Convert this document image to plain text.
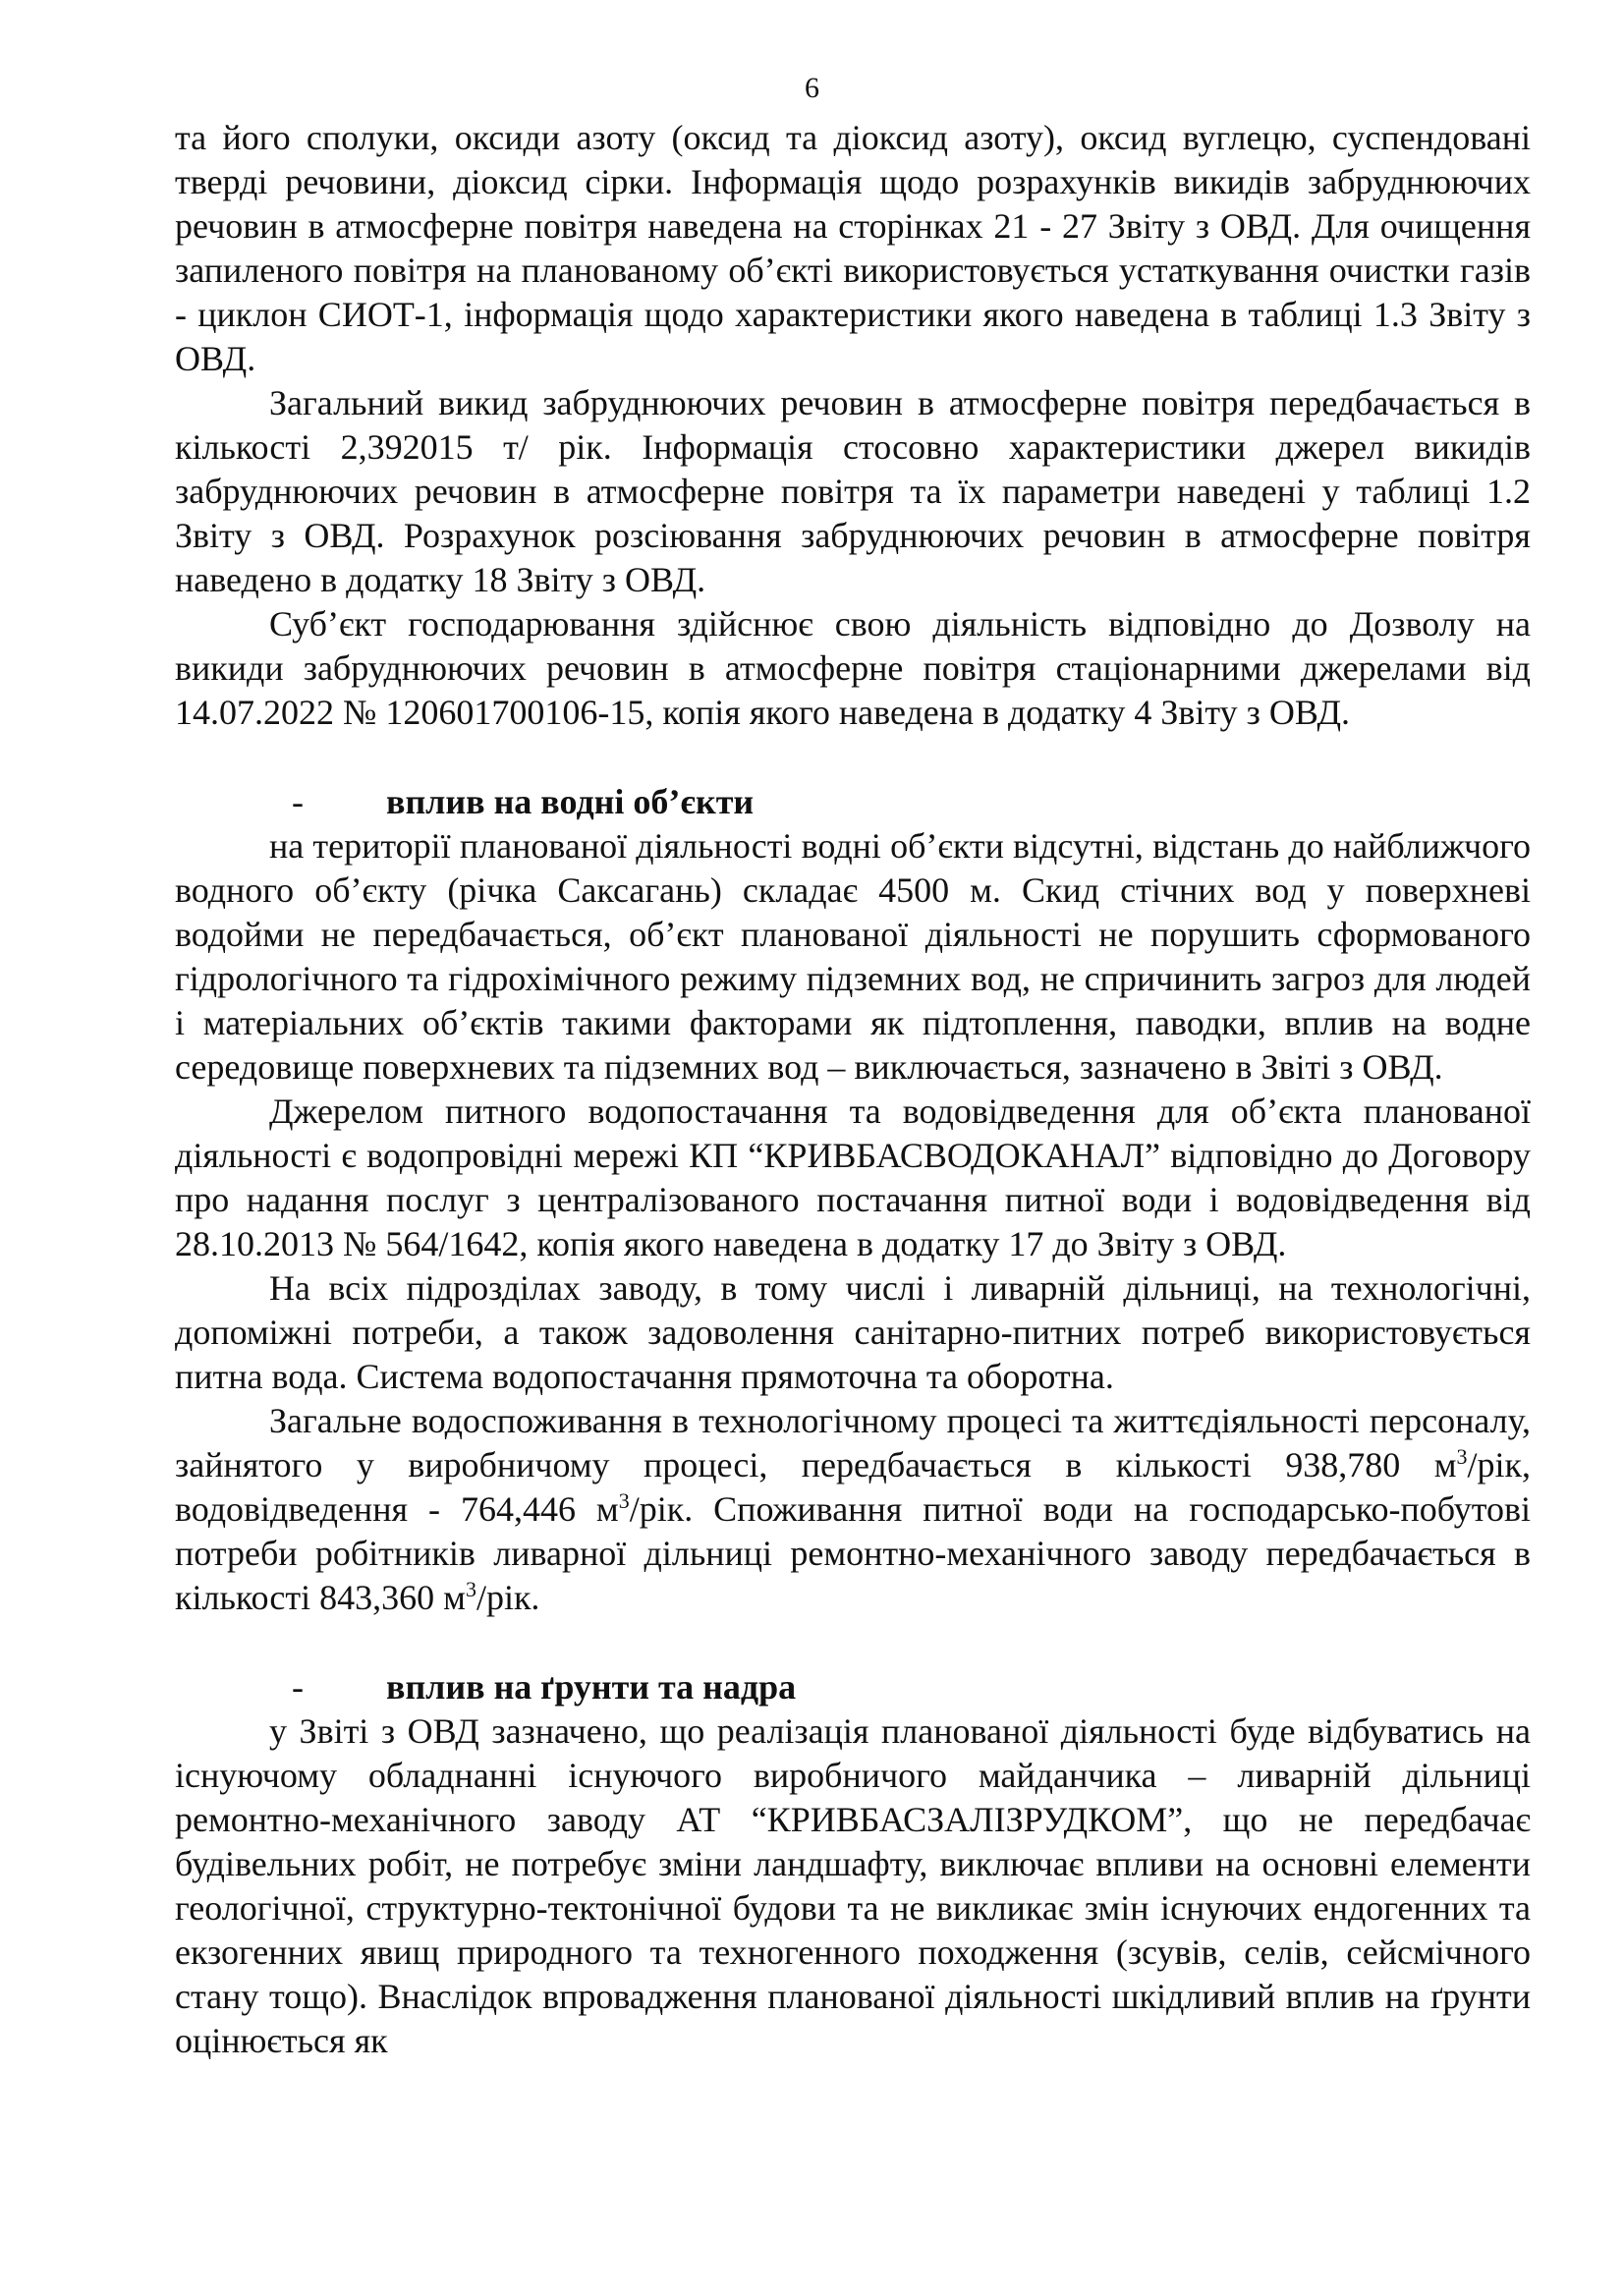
6

та його сполуки, оксиди азоту (оксид та діоксид азоту), оксид вуглецю, суспендовані тверді речовини, діоксид сірки. Інформація щодо розрахунків викидів забруднюючих речовин в атмосферне повітря наведена на сторінках 21 - 27 Звіту з ОВД. Для очищення запиленого повітря на планованому об’єкті використовується устаткування очистки газів - циклон СИОТ-1, інформація щодо характеристики якого наведена в таблиці 1.3 Звіту з ОВД.

Загальний викид забруднюючих речовин в атмосферне повітря передбачається в кількості 2,392015 т/ рік. Інформація стосовно характеристики джерел викидів забруднюючих речовин в атмосферне повітря та їх параметри наведені у таблиці 1.2 Звіту з ОВД. Розрахунок розсіювання забруднюючих речовин в атмосферне повітря наведено в додатку 18 Звіту з ОВД.

Суб’єкт господарювання здійснює свою діяльність відповідно до Дозволу на викиди забруднюючих речовин в атмосферне повітря стаціонарними джерелами від 14.07.2022 № 120601700106-15, копія якого наведена в додатку 4 Звіту з ОВД.

-	вплив на водні об’єкти

на території планованої діяльності водні об’єкти відсутні, відстань до найближчого водного об’єкту (річка Саксагань) складає 4500 м. Скид стічних вод у поверхневі водойми не передбачається, об’єкт планованої діяльності не порушить сформованого гідрологічного та гідрохімічного режиму підземних вод, не спричинить загроз для людей і матеріальних об’єктів такими факторами як підтоплення, паводки, вплив на водне середовище поверхневих та підземних вод – виключається, зазначено в Звіті з ОВД.

Джерелом питного водопостачання та водовідведення для об’єкта планованої діяльності є водопровідні мережі КП “КРИВБАСВОДОКАНАЛ” відповідно до Договору про надання послуг з централізованого постачання питної води і водовідведення від 28.10.2013 № 564/1642, копія якого наведена в додатку 17 до Звіту з ОВД.

На всіх підрозділах заводу, в тому числі і ливарній дільниці, на технологічні, допоміжні потреби, а також задоволення санітарно-питних потреб використовується питна вода. Система водопостачання прямоточна та оборотна.

Загальне водоспоживання в технологічному процесі та життєдіяльності персоналу, зайнятого у виробничому процесі, передбачається в кількості 938,780 $м^3$/рік, водовідведення - 764,446 $м^3$/рік. Споживання питної води на господарсько-побутові потреби робітників ливарної дільниці ремонтно-механічного заводу передбачається в кількості 843,360 $м^3$/рік.

-	вплив на ґрунти та надра

у Звіті з ОВД зазначено, що реалізація планованої діяльності буде відбуватись на існуючому обладнанні існуючого виробничого майданчика – ливарній дільниці ремонтно-механічного заводу АТ “КРИВБАСЗАЛІЗРУДКОМ”, що не передбачає будівельних робіт, не потребує зміни ландшафту, виключає впливи на основні елементи геологічної, структурно-тектонічної будови та не викликає змін існуючих ендогенних та екзогенних явищ природного та техногенного походження (зсувів, селів, сейсмічного стану тощо). Внаслідок впровадження планованої діяльності шкідливий вплив на ґрунти оцінюється як
